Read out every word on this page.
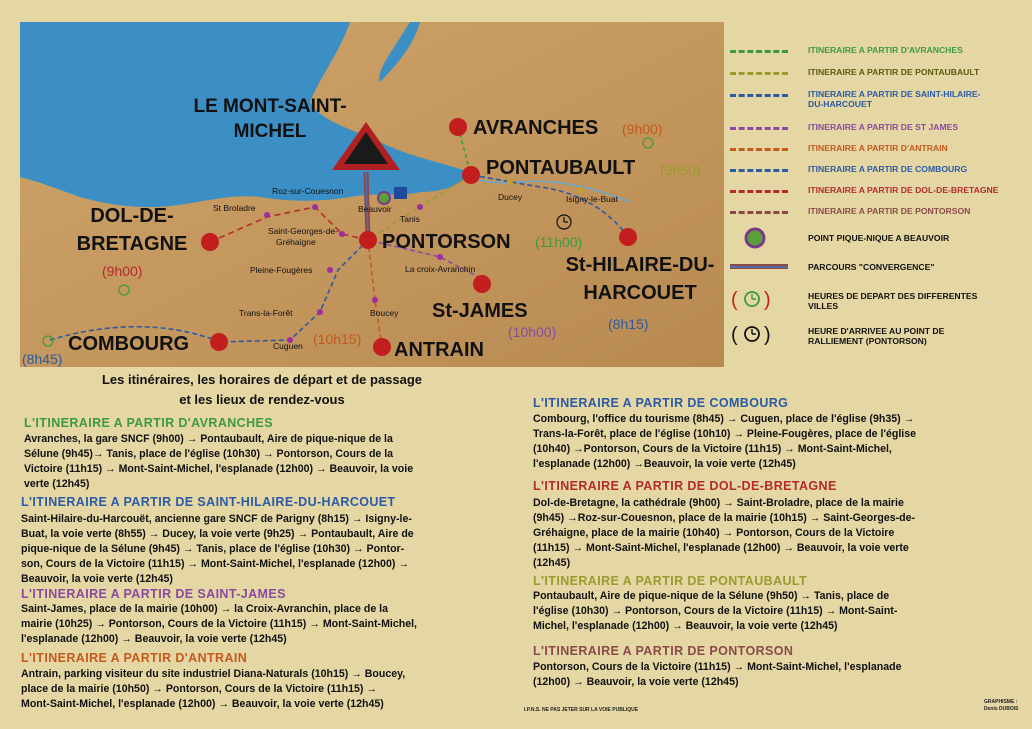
LE MONT-SAINT-MICHEL	AVRANCHES
PONTAUBAULT
DOL-DE-BRETAGNE	PONTORSON
St-HILAIRE-DU-HARCOUET
St-JAMES
COMBOURG	ANTRAIN
(9h00)
(9h50)
(9h00)
(11h00)
(10h00)	(8h15)
(8h45)
(10h15)
Roz-sur-Couesnon
St Broladre
Saint-Georges-de-Gréhaigne
Beauvoir
Tanis
Ducey	Isigny-le-Buat
Pleine-Fougères	La croix-Avranchin
Boucey
Trans-la-Forêt
Cuguen
ITINERAIRE A PARTIR D'AVRANCHES
ITINERAIRE A PARTIR DE PONTAUBAULT
ITINERAIRE A PARTIR DE SAINT-HILAIRE-DU-HARCOUET
ITINERAIRE A PARTIR DE ST JAMES
ITINERAIRE A PARTIR D'ANTRAIN
ITINERAIRE A PARTIR DE COMBOURG
ITINERAIRE A PARTIR DE DOL-DE-BRETAGNE
ITINERAIRE A PARTIR DE PONTORSON
POINT PIQUE-NIQUE A BEAUVOIR
PARCOURS "CONVERGENCE"
( )	HEURES DE DEPART DES DIFFERENTES VILLES
( )	HEURE D'ARRIVEE AU POINT DE RALLIEMENT (PONTORSON)
Les itinéraires, les horaires de départ et de passage
et les lieux de rendez-vous
L'ITINERAIRE A PARTIR D'AVRANCHES
Avranches, la gare SNCF (9h00) → Pontaubault, Aire de pique-nique de la
Sélune (9h45)→ Tanis, place de l'église (10h30) → Pontorson, Cours de la
Victoire (11h15) → Mont-Saint-Michel, l'esplanade (12h00) → Beauvoir, la voie
verte (12h45)
L'ITINERAIRE A PARTIR DE SAINT-HILAIRE-DU-HARCOUET
Saint-Hilaire-du-Harcouët, ancienne gare SNCF de Parigny (8h15) → Isigny-le-
Buat, la voie verte (8h55) → Ducey, la voie verte (9h25) → Pontaubault, Aire de
pique-nique de la Sélune (9h45) → Tanis, place de l'église (10h30) → Pontor-
son, Cours de la Victoire (11h15) → Mont-Saint-Michel, l'esplanade (12h00) →
Beauvoir, la voie verte (12h45)
L'ITINERAIRE A PARTIR DE SAINT-JAMES
Saint-James, place de la mairie (10h00) → la Croix-Avranchin, place de la
mairie (10h25) → Pontorson, Cours de la Victoire (11h15) → Mont-Saint-Michel,
l'esplanade (12h00) → Beauvoir, la voie verte (12h45)
L'ITINERAIRE A PARTIR D'ANTRAIN
Antrain, parking visiteur du site industriel Diana-Naturals (10h15) → Boucey,
place de la mairie (10h50) → Pontorson, Cours de la Victoire (11h15) →
Mont-Saint-Michel, l'esplanade (12h00) → Beauvoir, la voie verte (12h45)
L'ITINERAIRE A PARTIR DE COMBOURG
Combourg, l'office du tourisme (8h45) → Cuguen, place de l'église (9h35) →
Trans-la-Forêt, place de l'église (10h10) → Pleine-Fougères, place de l'église
(10h40) →Pontorson, Cours de la Victoire (11h15) → Mont-Saint-Michel,
l'esplanade (12h00) →Beauvoir, la voie verte (12h45)
L'ITINERAIRE A PARTIR DE DOL-DE-BRETAGNE
Dol-de-Bretagne, la cathédrale (9h00) → Saint-Broladre, place de la mairie
(9h45) →Roz-sur-Couesnon, place de la mairie (10h15) → Saint-Georges-de-
Gréhaigne, place de la mairie (10h40) → Pontorson, Cours de la Victoire
(11h15) → Mont-Saint-Michel, l'esplanade (12h00) → Beauvoir, la voie verte
(12h45)
L'ITINERAIRE A PARTIR DE PONTAUBAULT
Pontaubault, Aire de pique-nique de la Sélune (9h50) → Tanis, place de
l'église (10h30) → Pontorson, Cours de la Victoire (11h15) → Mont-Saint-
Michel, l'esplanade (12h00) → Beauvoir, la voie verte (12h45)
L'ITINERAIRE A PARTIR DE PONTORSON
Pontorson, Cours de la Victoire (11h15) → Mont-Saint-Michel, l'esplanade
(12h00) → Beauvoir, la voie verte (12h45)
I.P.N.S. NE PAS JETER SUR LA VOIE PUBLIQUE
GRAPHISME :
Denis DUBOIS
